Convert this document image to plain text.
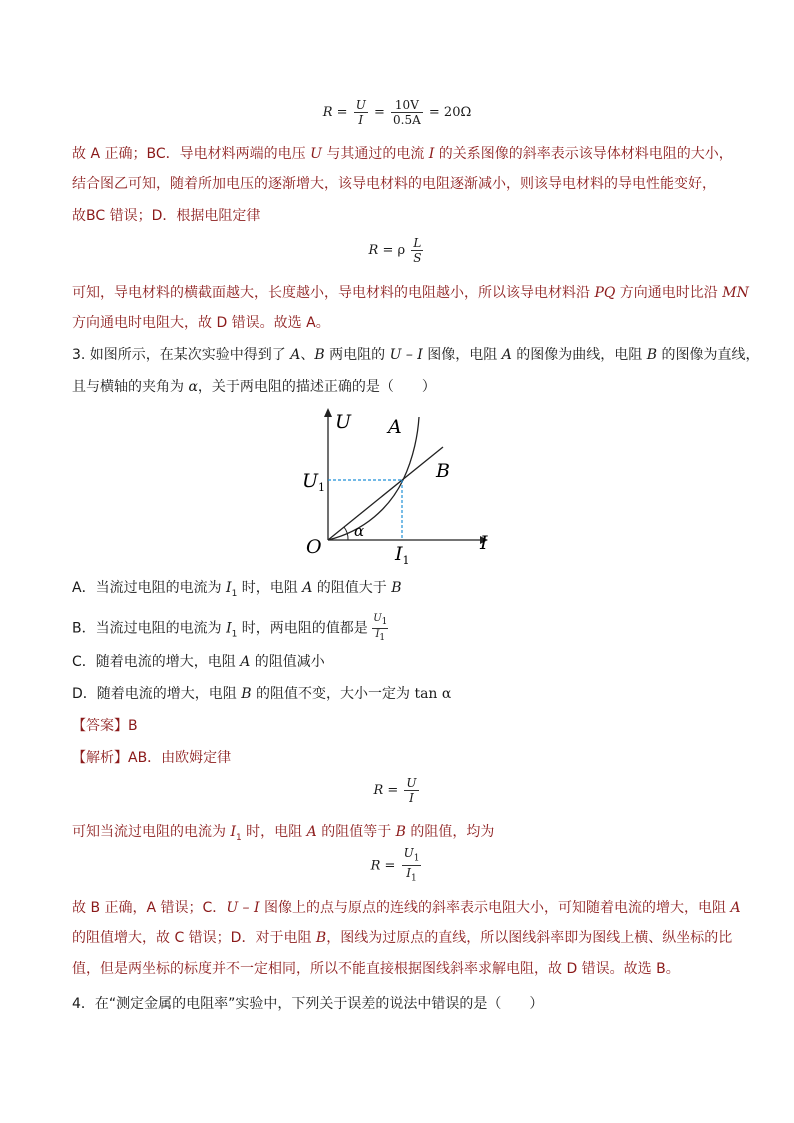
$R = \frac{U}{I} = \frac{10V}{0.5A} = 20\Omega$
故 A 正确；BC．导电材料两端的电压 U 与其通过的电流 I 的关系图像的斜率表示该导体材料电阻的大小，
结合图乙可知，随着所加电压的逐渐增大，该导电材料的电阻逐渐减小，则该导电材料的导电性能变好，
故BC 错误；D．根据电阻定律
R = ρ $\frac{L}{S}$
可知，导电材料的横截面越大，长度越小，导电材料的电阻越小，所以该导电材料沿 PQ 方向通电时比沿 MN
方向通电时电阻大，故 D 错误。故选 A。
3. 如图所示，在某次实验中得到了 A、B 两电阻的 U – I 图像，电阻 A 的图像为曲线，电阻 B 的图像为直线，
且与横轴的夹角为 α，关于两电阻的描述正确的是（　　）
U A
B
$U_1$
O
α
$I_1$
I
A．当流过电阻的电流为 $I_1$ 时，电阻 A 的阻值大于 B
B．当流过电阻的电流为 $I_1$ 时，两电阻的值都是 $\frac{U_1}{I_1}$
C．随着电流的增大，电阻 A 的阻值减小
D．随着电流的增大，电阻 B 的阻值不变，大小一定为 tan α
【答案】B
【解析】AB．由欧姆定律
$R = \frac{U}{I}$
可知当流过电阻的电流为 $I_1$ 时，电阻 A 的阻值等于 B 的阻值，均为
$R = \frac{U_1}{I_1}$
故 B 正确，A 错误；C．U – I 图像上的点与原点的连线的斜率表示电阻大小，可知随着电流的增大，电阻 A
的阻值增大，故 C 错误；D．对于电阻 B，图线为过原点的直线，所以图线斜率即为图线上横、纵坐标的比
值，但是两坐标的标度并不一定相同，所以不能直接根据图线斜率求解电阻，故 D 错误。故选 B。
4．在“测定金属的电阻率”实验中，下列关于误差的说法中错误的是（　　）
